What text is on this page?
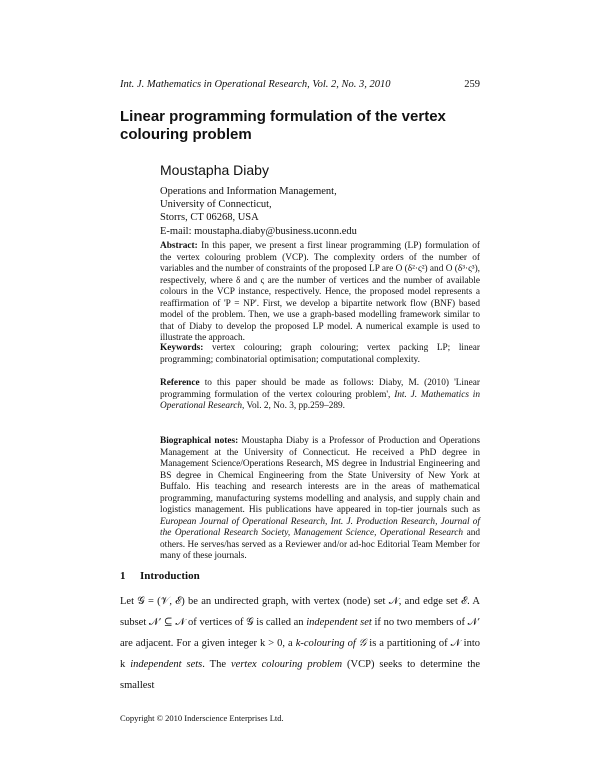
Int. J. Mathematics in Operational Research, Vol. 2, No. 3, 2010	259
Linear programming formulation of the vertex colouring problem
Moustapha Diaby
Operations and Information Management,
University of Connecticut,
Storrs, CT 06268, USA
E-mail: moustapha.diaby@business.uconn.edu
Abstract: In this paper, we present a first linear programming (LP) formulation of the vertex colouring problem (VCP). The complexity orders of the number of variables and the number of constraints of the proposed LP are O (δ²·ς²) and O (δ³·ς³), respectively, where δ and ς are the number of vertices and the number of available colours in the VCP instance, respectively. Hence, the proposed model represents a reaffirmation of 'P = NP'. First, we develop a bipartite network flow (BNF) based model of the problem. Then, we use a graph-based modelling framework similar to that of Diaby to develop the proposed LP model. A numerical example is used to illustrate the approach.
Keywords: vertex colouring; graph colouring; vertex packing LP; linear programming; combinatorial optimisation; computational complexity.
Reference to this paper should be made as follows: Diaby, M. (2010) 'Linear programming formulation of the vertex colouring problem', Int. J. Mathematics in Operational Research, Vol. 2, No. 3, pp.259–289.
Biographical notes: Moustapha Diaby is a Professor of Production and Operations Management at the University of Connecticut. He received a PhD degree in Management Science/Operations Research, MS degree in Industrial Engineering and BS degree in Chemical Engineering from the State University of New York at Buffalo. His teaching and research interests are in the areas of mathematical programming, manufacturing systems modelling and analysis, and supply chain and logistics management. His publications have appeared in top-tier journals such as European Journal of Operational Research, Int. J. Production Research, Journal of the Operational Research Society, Management Science, Operational Research and others. He serves/has served as a Reviewer and/or ad-hoc Editorial Team Member for many of these journals.
1 Introduction
Let 𝒢 = (𝒱, ℰ) be an undirected graph, with vertex (node) set 𝒩, and edge set ℰ. A subset 𝒩′ ⊆ 𝒩 of vertices of 𝒢 is called an independent set if no two members of 𝒩′ are adjacent. For a given integer k > 0, a k-colouring of 𝒢 is a partitioning of 𝒩 into k independent sets. The vertex colouring problem (VCP) seeks to determine the smallest
Copyright © 2010 Inderscience Enterprises Ltd.
